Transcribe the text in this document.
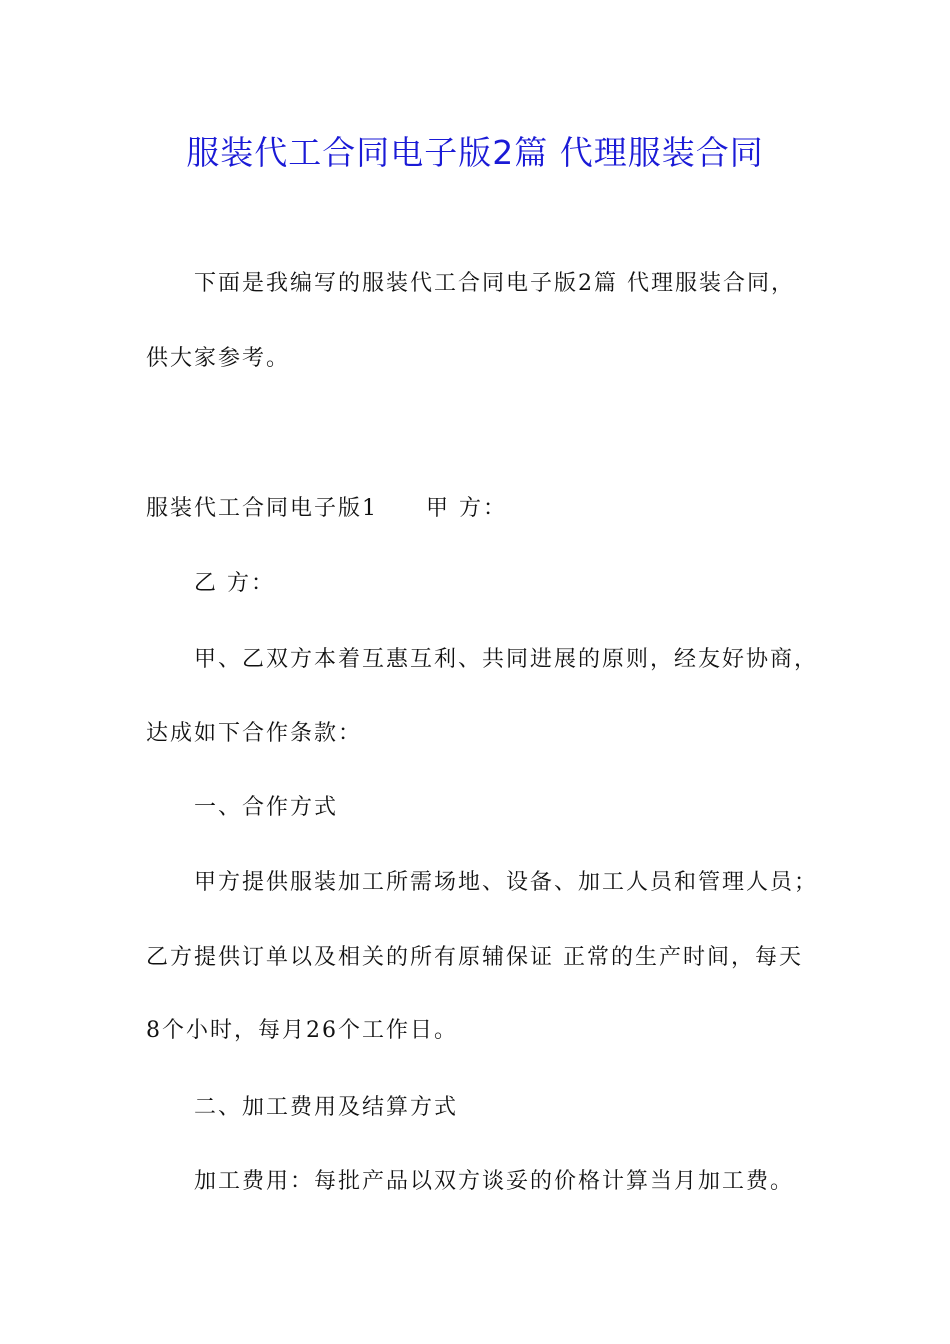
服装代工合同电子版2篇 代理服装合同
下面是我编写的服装代工合同电子版2篇 代理服装合同，
供大家参考。
服装代工合同电子版1 甲 方：
乙 方：
甲、乙双方本着互惠互利、共同进展的原则，经友好协商，
达成如下合作条款：
一、合作方式
甲方提供服装加工所需场地、设备、加工人员和管理人员；
乙方提供订单以及相关的所有原辅保证 正常的生产时间，每天
8个小时，每月26个工作日。
二、加工费用及结算方式
加工费用：每批产品以双方谈妥的价格计算当月加工费。
